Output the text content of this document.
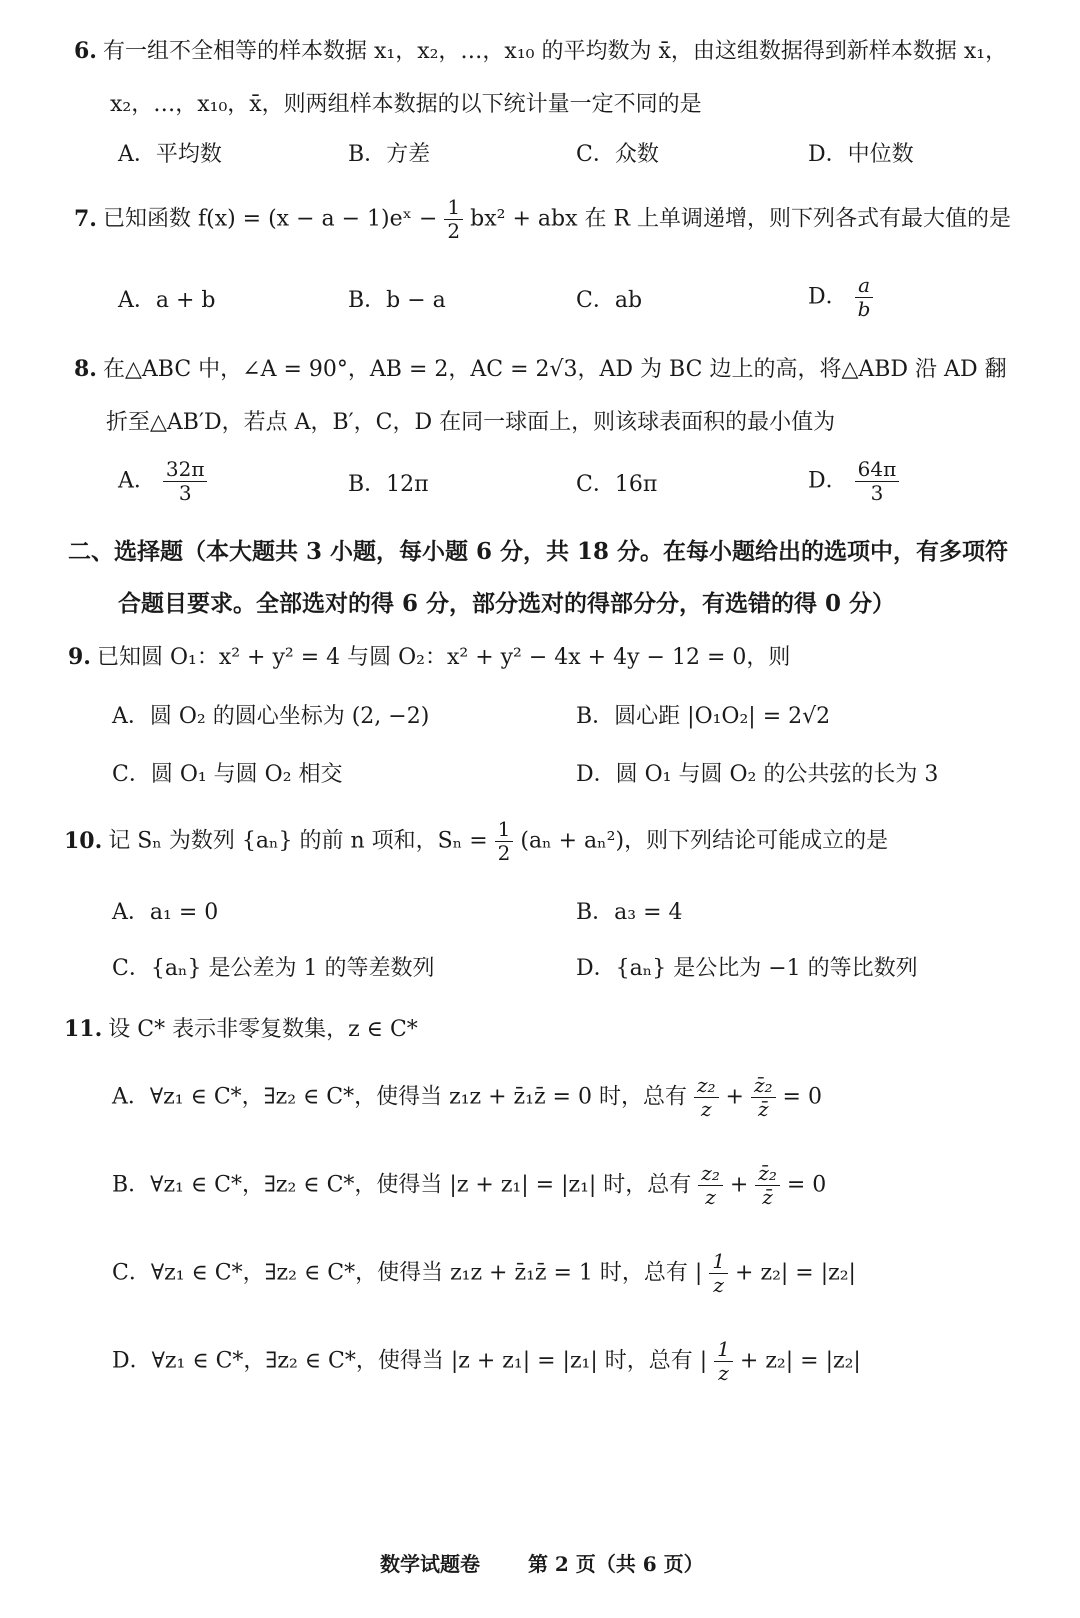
6. 有一组不全相等的样本数据 x₁，x₂，…，x₁₀ 的平均数为 x̄，由这组数据得到新样本数据 x₁，
x₂，…，x₁₀，x̄，则两组样本数据的以下统计量一定不同的是
A．平均数	B．方差	C．众数	D．中位数
7. 已知函数 f(x) = (x − a − 1)eˣ − $\frac{1}{2} bx^2$ + abx 在 R 上单调递增，则下列各式有最大值的是
A．a + b	B．b − a	C．ab	D． $\frac{a}{b}$
8. 在△ABC 中，∠A = 90°，AB = 2，AC = 2√3，AD 为 BC 边上的高，将△ABD 沿 AD 翻
折至△AB′D，若点 A，B′，C，D 在同一球面上，则该球表面积的最小值为
A． $\frac{32\pi}{3}$	B．12π	C．16π	D． $\frac{64\pi}{3}$
二、选择题（本大题共 3 小题，每小题 6 分，共 18 分。在每小题给出的选项中，有多项符
合题目要求。全部选对的得 6 分，部分选对的得部分分，有选错的得 0 分）
9. 已知圆 O₁：x² + y² = 4 与圆 O₂：x² + y² − 4x + 4y − 12 = 0，则
A．圆 O₂ 的圆心坐标为 (2, −2)	B．圆心距 |O₁O₂| = 2√2
C．圆 O₁ 与圆 O₂ 相交	D．圆 O₁ 与圆 O₂ 的公共弦的长为 3
10. 记 Sₙ 为数列 {aₙ} 的前 n 项和，$S_n = \frac{1}{2} (a_n + a_n^2)$，则下列结论可能成立的是
A．a₁ = 0	B．a₃ = 4
C．{aₙ} 是公差为 1 的等差数列	D．{aₙ} 是公比为 −1 的等比数列
11. 设 C* 表示非零复数集，z ∈ C*
A．∀z₁ ∈ C*，∃z₂ ∈ C*，使得当 z₁z + z̄₁z̄ = 0 时，总有 $\frac{\text{z₂}}{z} + \frac{\text{z̄₂}}{z̄} = 0$
B．∀z₁ ∈ C*，∃z₂ ∈ C*，使得当 |z + z₁| = |z₁| 时，总有 $\frac{\text{z₂}}{z} + \frac{\text{z̄₂}}{z̄} = 0$
C．∀z₁ ∈ C*，∃z₂ ∈ C*，使得当 z₁z + z̄₁z̄ = 1 时，总有 | $\frac{1}{z} + z_2| = |z_2|$
D．∀z₁ ∈ C*，∃z₂ ∈ C*，使得当 |z + z₁| = |z₁| 时，总有 | $\frac{1}{z} + z_2| = |z_2|$
数学试题卷 第 2 页（共 6 页）
